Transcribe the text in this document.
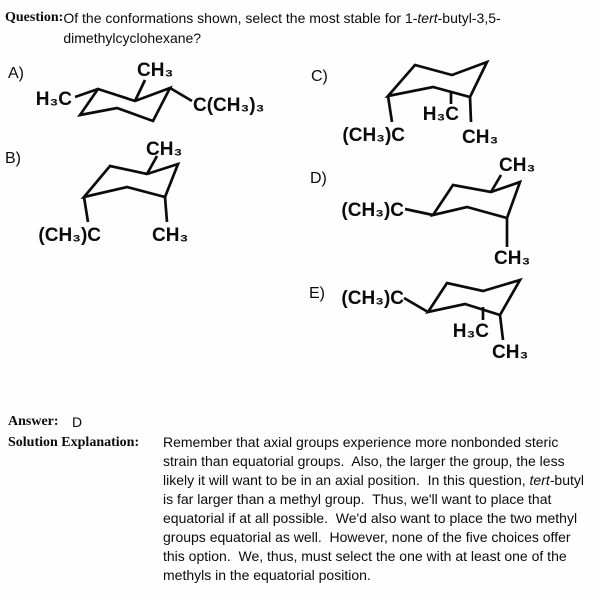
Question: Of the conformations shown, select the most stable for 1-tert-butyl-3,5-
dimethylcyclohexane?
A)
H₃C
CH₃
C(CH₃)₃
B)	CH₃
(CH₃)C	CH₃
C)
(CH₃)C
H₃C
CH₃
D)
(CH₃)C
CH₃
CH₃
E) (CH₃)C
H₃C
CH₃
Answer: D
Solution Explanation:	Remember that axial groups experience more nonbonded steric strain than equatorial groups.  Also, the larger the group, the less likely it will want to be in an axial position.  In this question, tert-butyl is far larger than a methyl group.  Thus, we'll want to place that equatorial if at all possible.  We'd also want to place the two methyl groups equatorial as well.  However, none of the five choices offer this option.  We, thus, must select the one with at least one of the methyls in the equatorial position.
